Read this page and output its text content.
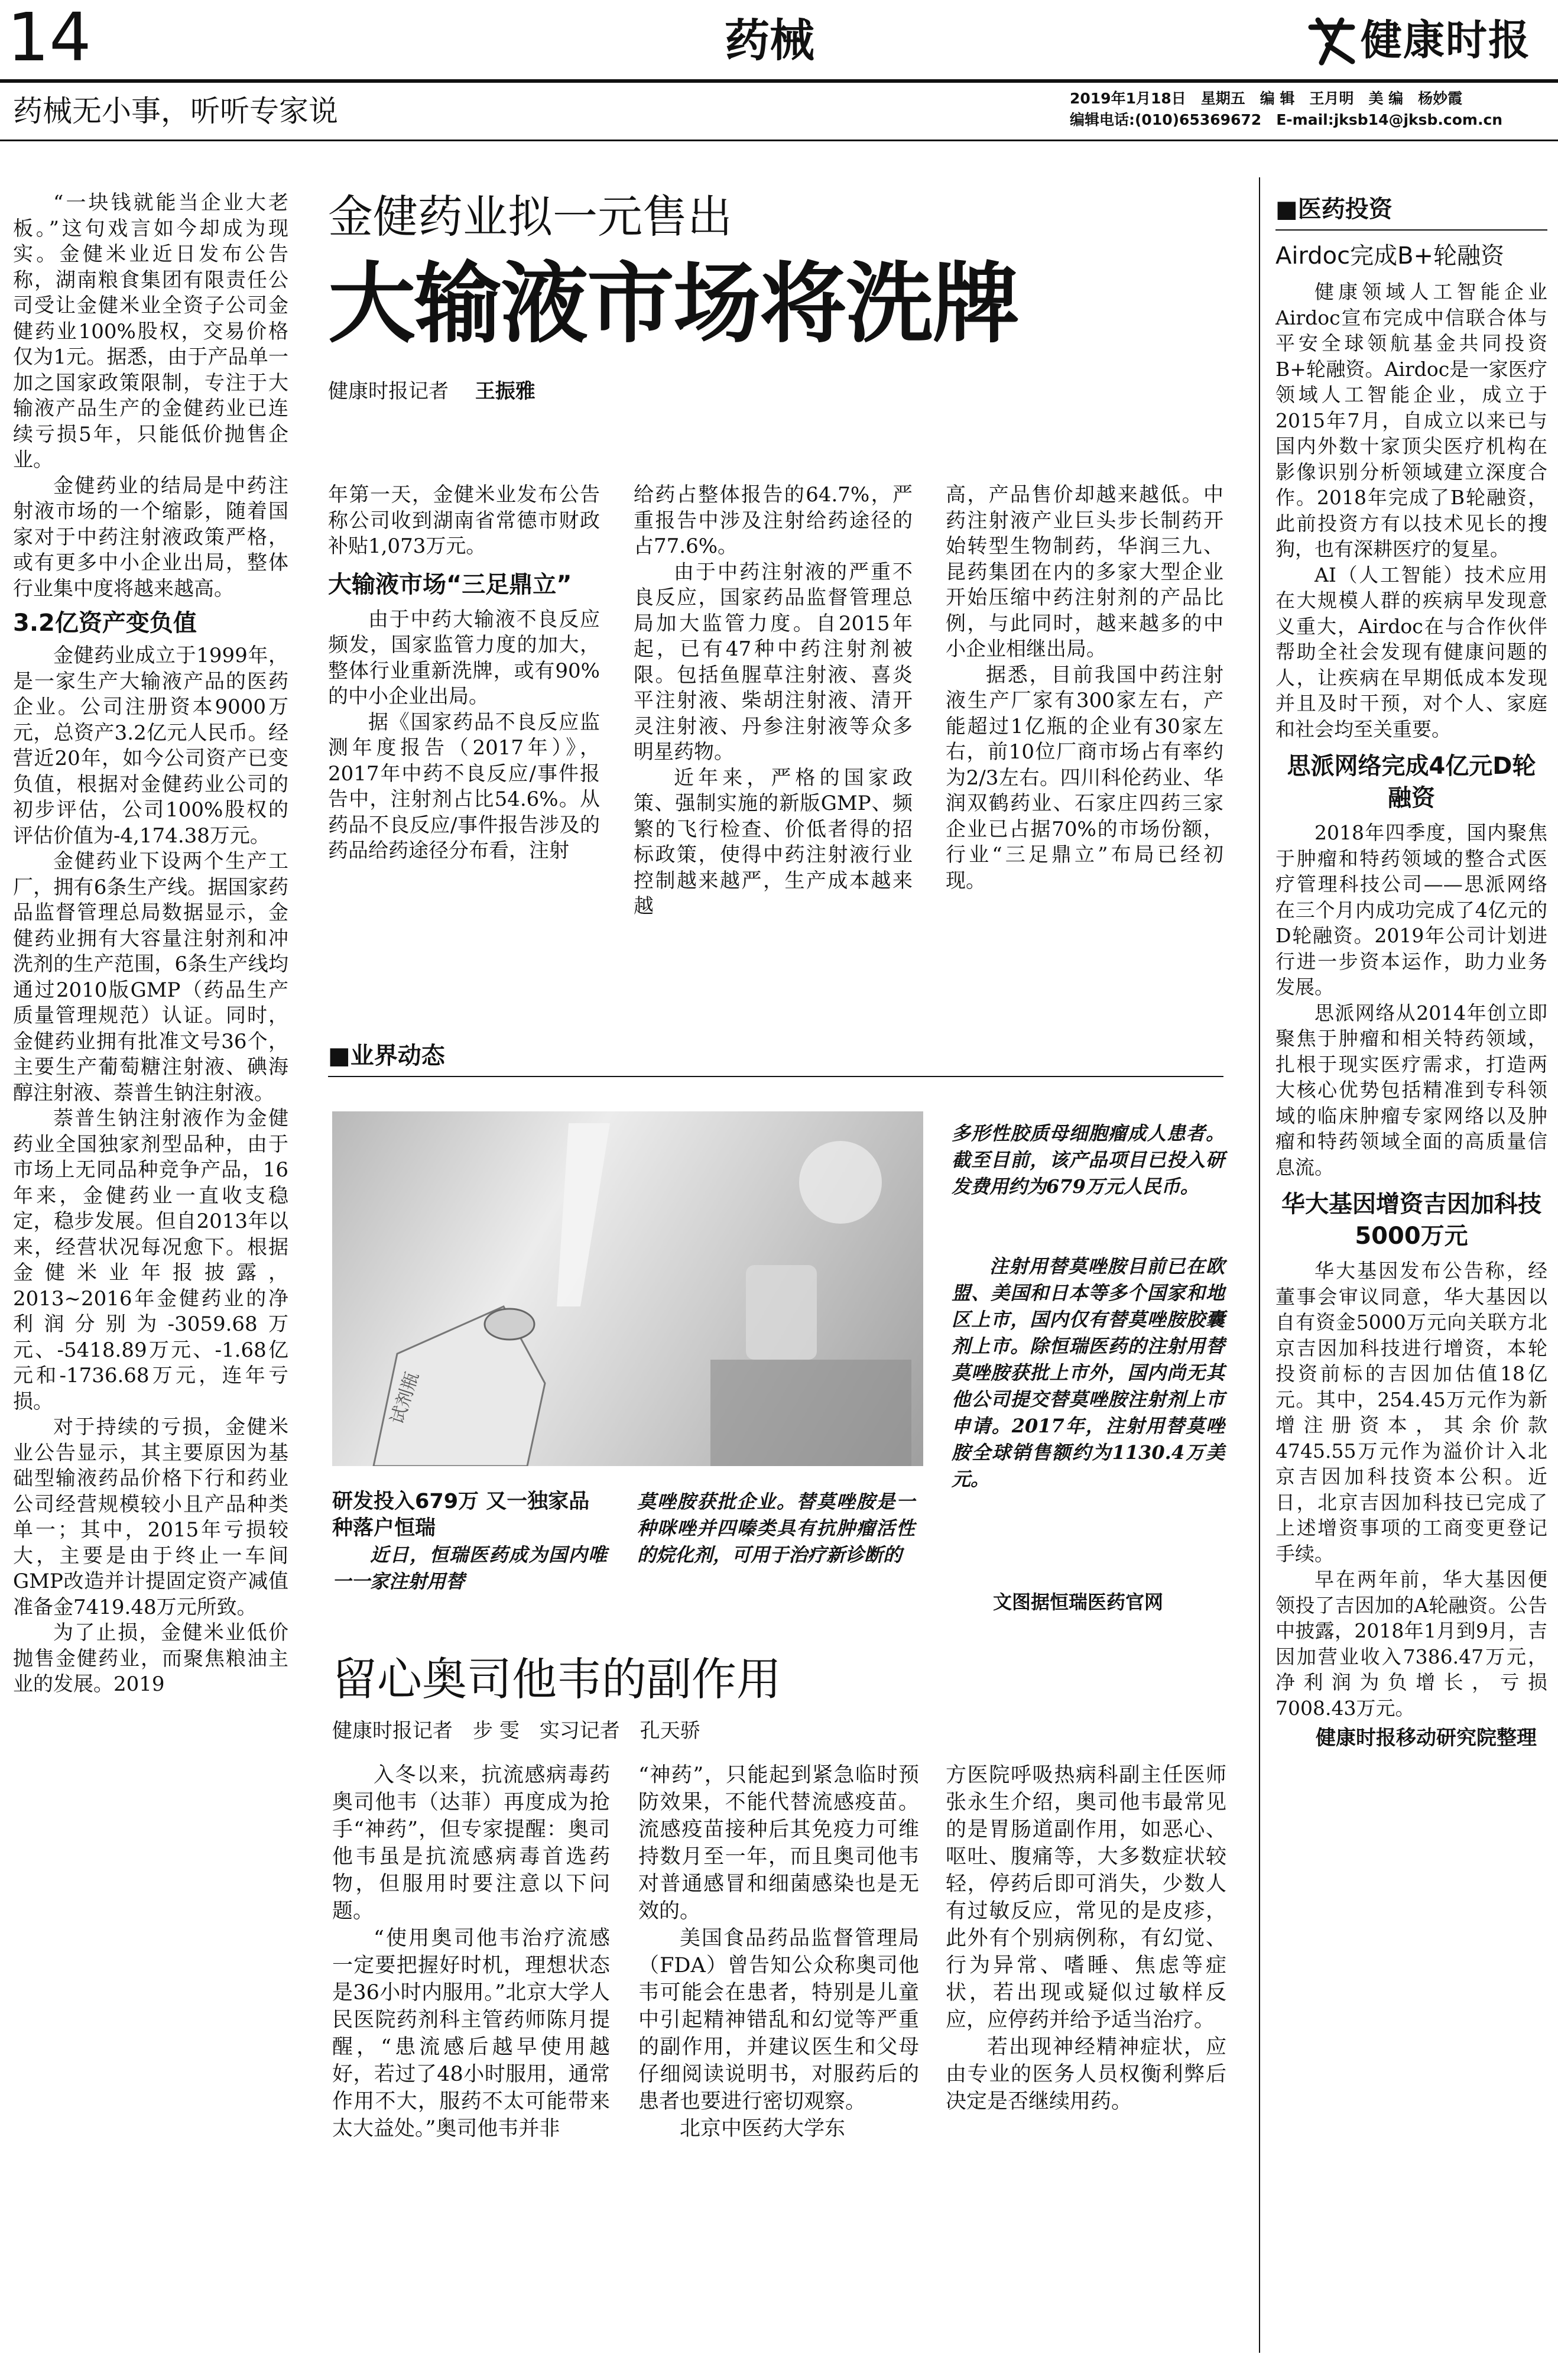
14	药械	健康时报
药械无小事，听听专家说	2019年1月18日　星期五　编 辑　王月明　美 编　杨妙霞
编辑电话:(010)65369672　E-mail:jksb14@jksb.com.cn
金健药业拟一元售出
大输液市场将洗牌
健康时报记者　 王振雅

“一块钱就能当企业大老板。”这句戏言如今却成为现实。金健米业近日发布公告称，湖南粮食集团有限责任公司受让金健米业全资子公司金健药业100%股权，交易价格仅为1元。据悉，由于产品单一加之国家政策限制，专注于大输液产品生产的金健药业已连续亏损5年，只能低价抛售企业。

金健药业的结局是中药注射液市场的一个缩影，随着国家对于中药注射液政策严格，或有更多中小企业出局，整体行业集中度将越来越高。

3.2亿资产变负值

金健药业成立于1999年，是一家生产大输液产品的医药企业。公司注册资本9000万元，总资产3.2亿元人民币。经营近20年，如今公司资产已变负值，根据对金健药业公司的初步评估，公司100%股权的评估价值为-4,174.38万元。

金健药业下设两个生产工厂，拥有6条生产线。据国家药品监督管理总局数据显示，金健药业拥有大容量注射剂和冲洗剂的生产范围，6条生产线均通过2010版GMP（药品生产质量管理规范）认证。同时，金健药业拥有批准文号36个，主要生产葡萄糖注射液、碘海醇注射液、萘普生钠注射液。

萘普生钠注射液作为金健药业全国独家剂型品种，由于市场上无同品种竞争产品，16年来，金健药业一直收支稳定，稳步发展。但自2013年以来，经营状况每况愈下。根据金健米业年报披露，2013~2016年金健药业的净利润分别为-3059.68万元、-5418.89万元、-1.68亿元和-1736.68万元，连年亏损。

对于持续的亏损，金健米业公告显示，其主要原因为基础型输液药品价格下行和药业公司经营规模较小且产品种类单一；其中，2015年亏损较大，主要是由于终止一车间GMP改造并计提固定资产减值准备金7419.48万元所致。

为了止损，金健米业低价抛售金健药业，而聚焦粮油主业的发展。2019

年第一天，金健米业发布公告称公司收到湖南省常德市财政补贴1,073万元。

大输液市场“三足鼎立”

由于中药大输液不良反应频发，国家监管力度的加大，整体行业重新洗牌，或有90%的中小企业出局。

据《国家药品不良反应监测年度报告（2017年）》，2017年中药不良反应/事件报告中，注射剂占比54.6%。从药品不良反应/事件报告涉及的药品给药途径分布看，注射

给药占整体报告的64.7%，严重报告中涉及注射给药途径的占77.6%。

由于中药注射液的严重不良反应，国家药品监督管理总局加大监管力度。自2015年起，已有47种中药注射剂被限。包括鱼腥草注射液、喜炎平注射液、柴胡注射液、清开灵注射液、丹参注射液等众多明星药物。

近年来，严格的国家政策、强制实施的新版GMP、频繁的飞行检查、价低者得的招标政策，使得中药注射液行业控制越来越严，生产成本越来越

高，产品售价却越来越低。中药注射液产业巨头步长制药开始转型生物制药，华润三九、昆药集团在内的多家大型企业开始压缩中药注射剂的产品比例，与此同时，越来越多的中小企业相继出局。

据悉，目前我国中药注射液生产厂家有300家左右，产能超过1亿瓶的企业有30家左右，前10位厂商市场占有率约为2/3左右。四川科伦药业、华润双鹤药业、石家庄四药三家企业已占据70%的市场份额，行业“三足鼎立”布局已经初现。

■业界动态
试剂瓶
研发投入679万 又一独家品种落户恒瑞
近日，恒瑞医药成为国内唯一一家注射用替
莫唑胺获批企业。替莫唑胺是一种咪唑并四嗪类具有抗肿瘤活性的烷化剂，可用于治疗新诊断的
多形性胶质母细胞瘤成人患者。截至目前，该产品项目已投入研发费用约为679万元人民币。
注射用替莫唑胺目前已在欧盟、美国和日本等多个国家和地区上市，国内仅有替莫唑胺胶囊剂上市。除恒瑞医药的注射用替莫唑胺获批上市外，国内尚无其他公司提交替莫唑胺注射剂上市申请。2017年，注射用替莫唑胺全球销售额约为1130.4万美元。
文图据恒瑞医药官网
留心奥司他韦的副作用
健康时报记者　步 雯　实习记者　孔天骄

入冬以来，抗流感病毒药奥司他韦（达菲）再度成为抢手“神药”，但专家提醒：奥司他韦虽是抗流感病毒首选药物，但服用时要注意以下问题。

“使用奥司他韦治疗流感一定要把握好时机，理想状态是36小时内服用。”北京大学人民医院药剂科主管药师陈月提醒，“患流感后越早使用越好，若过了48小时服用，通常作用不大，服药不太可能带来太大益处。”奥司他韦并非

“神药”，只能起到紧急临时预防效果，不能代替流感疫苗。流感疫苗接种后其免疫力可维持数月至一年，而且奥司他韦对普通感冒和细菌感染也是无效的。

美国食品药品监督管理局（FDA）曾告知公众称奥司他韦可能会在患者，特别是儿童中引起精神错乱和幻觉等严重的副作用，并建议医生和父母仔细阅读说明书，对服药后的患者也要进行密切观察。

北京中医药大学东

方医院呼吸热病科副主任医师张永生介绍，奥司他韦最常见的是胃肠道副作用，如恶心、呕吐、腹痛等，大多数症状较轻，停药后即可消失，少数人有过敏反应，常见的是皮疹，此外有个别病例称，有幻觉、行为异常、嗜睡、焦虑等症状，若出现或疑似过敏样反应，应停药并给予适当治疗。

若出现神经精神症状，应由专业的医务人员权衡利弊后决定是否继续用药。

■医药投资
Airdoc完成B+轮融资

健康领域人工智能企业Airdoc宣布完成中信联合体与平安全球领航基金共同投资B+轮融资。Airdoc是一家医疗领域人工智能企业，成立于2015年7月，自成立以来已与国内外数十家顶尖医疗机构在影像识别分析领域建立深度合作。2018年完成了B轮融资，此前投资方有以技术见长的搜狗，也有深耕医疗的复星。

AI（人工智能）技术应用在大规模人群的疾病早发现意义重大，Airdoc在与合作伙伴帮助全社会发现有健康问题的人，让疾病在早期低成本发现并且及时干预，对个人、家庭和社会均至关重要。

思派网络完成4亿元D轮融资

2018年四季度，国内聚焦于肿瘤和特药领域的整合式医疗管理科技公司——思派网络在三个月内成功完成了4亿元的D轮融资。2019年公司计划进行进一步资本运作，助力业务发展。

思派网络从2014年创立即聚焦于肿瘤和相关特药领域，扎根于现实医疗需求，打造两大核心优势包括精准到专科领域的临床肿瘤专家网络以及肿瘤和特药领域全面的高质量信息流。

华大基因增资吉因加科技5000万元

华大基因发布公告称，经董事会审议同意，华大基因以自有资金5000万元向关联方北京吉因加科技进行增资，本轮投资前标的吉因加估值18亿元。其中，254.45万元作为新增注册资本，其余价款4745.55万元作为溢价计入北京吉因加科技资本公积。近日，北京吉因加科技已完成了上述增资事项的工商变更登记手续。

早在两年前，华大基因便领投了吉因加的A轮融资。公告中披露，2018年1月到9月，吉因加营业收入7386.47万元，净利润为负增长，亏损7008.43万元。

健康时报移动研究院整理
